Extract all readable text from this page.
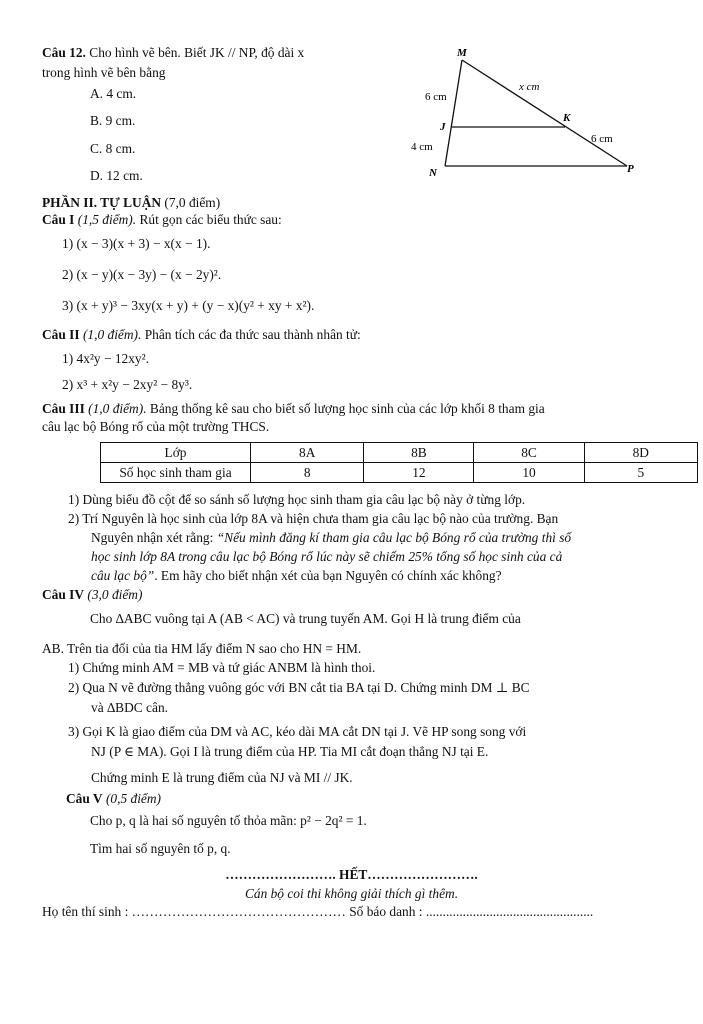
Câu 12. Cho hình vẽ bên. Biết JK // NP, độ dài x
trong hình vẽ bên bằng
A. 4 cm.
B. 9 cm.
C. 8 cm.
D. 12 cm.
M
J
K
N	P
6 cm
x cm
4 cm
6 cm
PHẦN II. TỰ LUẬN (7,0 điểm)
Câu I (1,5 điểm). Rút gọn các biểu thức sau:
1) (x − 3)(x + 3) − x(x − 1).
2) (x − y)(x − 3y) − (x − 2y)².
3) (x + y)³ − 3xy(x + y) + (y − x)(y² + xy + x²).
Câu II (1,0 điểm). Phân tích các đa thức sau thành nhân tử:
1) 4x²y − 12xy².
2) x³ + x²y − 2xy² − 8y³.
Câu III (1,0 điểm). Bảng thống kê sau cho biết số lượng học sinh của các lớp khối 8 tham gia
câu lạc bộ Bóng rổ của một trường THCS.
Lớp	8A	8B	8C	8D
Số học sinh tham gia	8	12	10	5
1) Dùng biểu đồ cột để so sánh số lượng học sinh tham gia câu lạc bộ này ở từng lớp.
2) Trí Nguyên là học sinh của lớp 8A và hiện chưa tham gia câu lạc bộ nào của trường. Bạn
Nguyên nhận xét rằng: “Nếu mình đăng kí tham gia câu lạc bộ Bóng rổ của trường thì số
học sinh lớp 8A trong câu lạc bộ Bóng rổ lúc này sẽ chiếm 25% tổng số học sinh của cả
câu lạc bộ”. Em hãy cho biết nhận xét của bạn Nguyên có chính xác không?
Câu IV (3,0 điểm)
Cho ∆ABC vuông tại A (AB < AC) và trung tuyến AM. Gọi H là trung điểm của
AB. Trên tia đối của tia HM lấy điểm N sao cho HN = HM.
1) Chứng minh AM = MB và tứ giác ANBM là hình thoi.
2) Qua N vẽ đường thẳng vuông góc với BN cắt tia BA tại D. Chứng minh DM ⊥ BC
và ∆BDC cân.
3) Gọi K là giao điểm của DM và AC, kéo dài MA cắt DN tại J. Vẽ HP song song với
NJ (P ∈ MA). Gọi I là trung điểm của HP. Tia MI cắt đoạn thẳng NJ tại E.
Chứng minh E là trung điểm của NJ và MI // JK.
Câu V (0,5 điểm)
Cho p, q là hai số nguyên tố thỏa mãn: p² − 2q² = 1.
Tìm hai số nguyên tố p, q.
……………………. HẾT…………………….
Cán bộ coi thi không giải thích gì thêm.
Họ tên thí sinh : ………………………………………… Số báo danh : ..................................................
